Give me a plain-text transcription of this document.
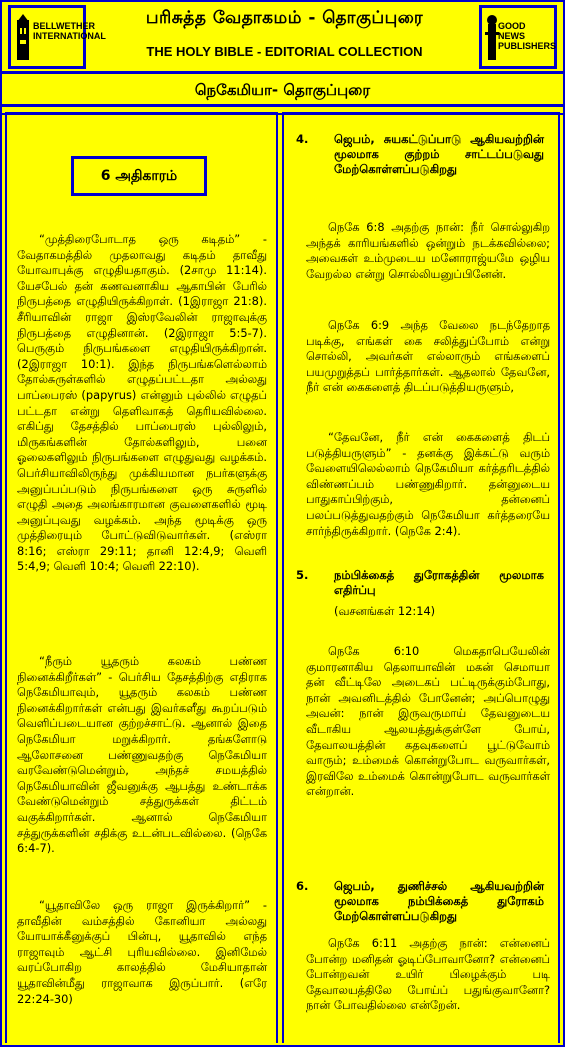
BELLWETHER INTERNATIONAL
பரிசுத்த வேதாகமம் - தொகுப்புரை
THE HOLY BIBLE - EDITORIAL COLLECTION
GOOD NEWS PUBLISHERS
நெகேமியா- தொகுப்புரை
6 அதிகாரம்
“முத்திரைபோடாத ஒரு கடிதம்” - வேதாகமத்தில் முதலாவது கடிதம் தாவீது யோவாபுக்கு எழுதியதாகும். (2சாமு 11:14). யேசபேல் தன் கணவனாகிய ஆகாபின் பேரில் நிருபத்தை எழுதியிருக்கிறாள். (1இராஜா 21:8). சீரியாவின் ராஜா இஸ்ரவேலின் ராஜாவுக்கு நிருபத்தை எழுதினான். (2இராஜா 5:5-7). பெருகும் நிருபங்களை எழுதியிருக்கிறான். (2இராஜா 10:1). இந்த நிருபங்களெல்லாம் தோல்சுருள்களில் எழுதப்பட்டதா அல்லது பாப்பைரஸ் (papyrus) என்னும் புல்லில் எழுதப் பட்டதா என்று தெளிவாகத் தெரியவில்லை. எகிப்து தேசத்தில் பாப்பைரஸ் புல்லிலும், மிருகங்களின் தோல்களிலும், பனை ஓலைகளிலும் நிருபங்களை எழுதுவது வழக்கம். பெர்சியாவிலிருந்து முக்கியமான நபர்களுக்கு அனுப்பப்படும் நிருபங்களை ஒரு சுருளில் எழுதி அதை அலங்காரமான குவளைகளில் மூடி அனுப்புவது வழக்கம். அந்த மூடிக்கு ஒரு முத்திரையும் போட்டுவிடுவார்கள். (எஸ்ரா 8:16; எஸ்ரா 29:11; தானி 12:4,9; வெளி 5:4,9; வெளி 10:4; வெளி 22:10).
“நீரும் யூதரும் கலகம் பண்ண நினைக்கிறீர்கள்” - பெர்சிய தேசத்திற்கு எதிராக நெகேமியாவும், யூதரும் கலகம் பண்ண நினைக்கிறார்கள் என்பது இவர்களீது கூறப்படும் வெளிப்படையான குற்றச்சாட்டு. ஆனால் இதை நெகேமியா மறுக்கிறார். தங்களோடு ஆலோசனை பண்ணுவதற்கு நெகேமியா வரவேண்டுமென்றும், அந்தச் சமயத்தில் நெகேமியாவின் ஜீவனுக்கு ஆபத்து உண்டாக்க வேண்டுமென்றும் சத்துருக்கள் திட்டம் வகுக்கிறார்கள். ஆனால் நெகேமியா சத்துருக்களின் சதிக்கு உடன்படவில்லை. (நெகே 6:4-7).
“யூதாவிலே ஒரு ராஜா இருக்கிறார்” - தாவீதின் வம்சத்தில் கோனியா அல்லது யோயாக்கீனுக்குப் பின்பு, யூதாவில் எந்த ராஜாவும் ஆட்சி புரியவில்லை. இனிமேல் வரப்போகிற காலத்தில் மேசியாதான் யூதாவின்மீது ராஜாவாக இருப்பார். (எரே 22:24-30)
4. ஜெபம், சுயகட்டுப்பாடு ஆகியவற்றின் மூலமாக குற்றம் சாட்டப்படுவது மேற்கொள்ளப்படுகிறது
நெகே 6:8 அதற்கு நான்: நீர் சொல்லுகிற அந்தக் காரியங்களில் ஒன்றும் நடக்கவில்லை; அவைகள் உம்முடைய மனோராஜ்யமே ஒழிய வேறல்ல என்று சொல்லியனுப்பினேன்.
நெகே 6:9 அந்த வேலை நடந்தேறாத படிக்கு, எங்கள் கை சலித்துப்போம் என்று சொல்லி, அவர்கள் எல்லாரும் எங்களைப் பயமுறுத்தப் பார்த்தார்கள். ஆதலால் தேவனே, நீர் என் கைகளைத் திடப்படுத்தியருளும்,
“தேவனே, நீர் என் கைகளைத் திடப் படுத்தியருளும்” - தனக்கு இக்கட்டு வரும் வேளையிலெல்லாம் நெகேமியா கர்த்தரிடத்தில் விண்ணப்பம் பண்ணுகிறார். தன்னுடைய பாதுகாப்பிற்கும், தன்னைப் பலப்படுத்துவதற்கும் நெகேமியா கர்த்தரையே சார்ந்திருக்கிறார். (நெகே 2:4).
5. நம்பிக்கைத் துரோகத்தின் மூலமாக எதிர்ப்பு
(வசனங்கள் 12:14)
நெகே 6:10 மெகதாபெயேலின் குமாரனாகிய தெலாயாவின் மகன் செமாயா தன் வீட்டிலே அடைகப் பட்டிருக்கும்போது, நான் அவனிடத்தில் போனேன்; அப்பொழுது அவன்: நான் இருவருமாய் தேவனுடைய வீடாகிய ஆலயத்துக்குள்ளே போய், தேவாலயத்தின் கதவுகளைப் பூட்டுவோம் வாரும்; உம்மைக் கொன்றுபோட வருவார்கள், இரவிலே உம்மைக் கொன்றுபோட வருவார்கள் என்றான்.
6. ஜெபம், துணிச்சல் ஆகியவற்றின் மூலமாக நம்பிக்கைத் துரோகம் மேற்கொள்ளப்படுகிறது
நெகே 6:11 அதற்கு நான்: என்னைப் போன்ற மனிதன் ஓடிப்போவானோ? என்னைப் போன்றவன் உயிர் பிழைக்கும் படி தேவாலயத்திலே போய்ப் பதுங்குவானோ? நான் போவதில்லை என்றேன்.
